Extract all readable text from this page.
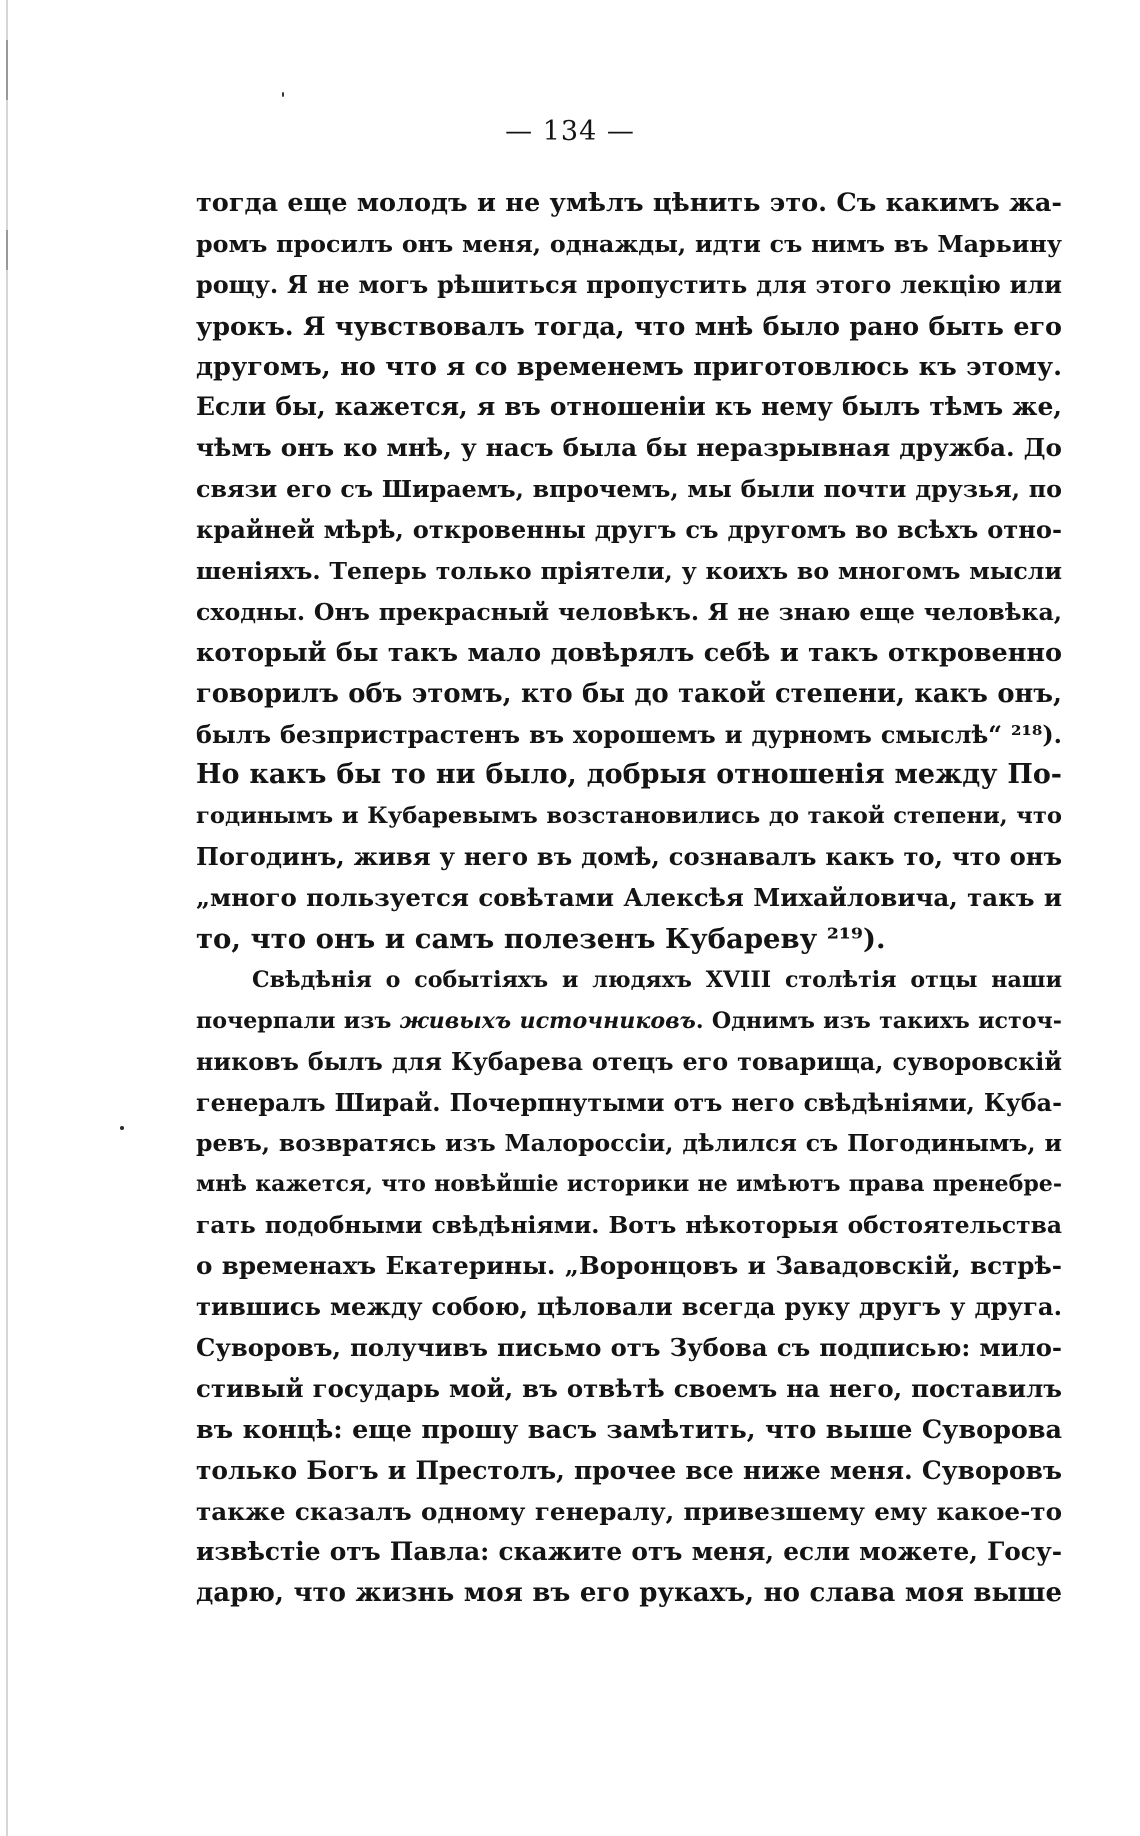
— 134 —
тогда еще молодъ и не умѣлъ цѣнить это. Съ какимъ жа-
ромъ просилъ онъ меня, однажды, идти съ нимъ въ Марьину
рощу. Я не могъ рѣшиться пропустить для этого лекцію или
урокъ. Я чувствовалъ тогда, что мнѣ было рано быть его
другомъ, но что я со временемъ приготовлюсь къ этому.
Если бы, кажется, я въ отношеніи къ нему былъ тѣмъ же,
чѣмъ онъ ко мнѣ, у насъ была бы неразрывная дружба. До
связи его съ Шираемъ, впрочемъ, мы были почти друзья, по
крайней мѣрѣ, откровенны другъ съ другомъ во всѣхъ отно-
шеніяхъ. Теперь только пріятели, у коихъ во многомъ мысли
сходны. Онъ прекрасный человѣкъ. Я не знаю еще человѣка,
который бы такъ мало довѣрялъ себѣ и такъ откровенно
говорилъ объ этомъ, кто бы до такой степени, какъ онъ,
былъ безпристрастенъ въ хорошемъ и дурномъ смыслѣ“ ²¹⁸).
Но какъ бы то ни было, добрыя отношенія между По-
годинымъ и Кубаревымъ возстановились до такой степени, что
Погодинъ, живя у него въ домѣ, сознавалъ какъ то, что онъ
„много пользуется совѣтами Алексѣя Михайловича, такъ и
то, что онъ и самъ полезенъ Кубареву ²¹⁹).
Свѣдѣнія о событіяхъ и людяхъ XVIII столѣтія отцы наши
почерпали изъ живыхъ источниковъ. Однимъ изъ такихъ источ-
никовъ былъ для Кубарева отецъ его товарища, суворовскій
генералъ Ширай. Почерпнутыми отъ него свѣдѣніями, Куба-
ревъ, возвратясь изъ Малороссіи, дѣлился съ Погодинымъ, и
мнѣ кажется, что новѣйшіе историки не имѣютъ права пренебре-
гать подобными свѣдѣніями. Вотъ нѣкоторыя обстоятельства
о временахъ Екатерины. „Воронцовъ и Завадовскій, встрѣ-
тившись между собою, цѣловали всегда руку другъ у друга.
Суворовъ, получивъ письмо отъ Зубова съ подписью: мило-
стивый государь мой, въ отвѣтѣ своемъ на него, поставилъ
въ концѣ: еще прошу васъ замѣтить, что выше Суворова
только Богъ и Престолъ, прочее все ниже меня. Суворовъ
также сказалъ одному генералу, привезшему ему какое-то
извѣстіе отъ Павла: скажите отъ меня, если можете, Госу-
дарю, что жизнь моя въ его рукахъ, но слава моя выше
